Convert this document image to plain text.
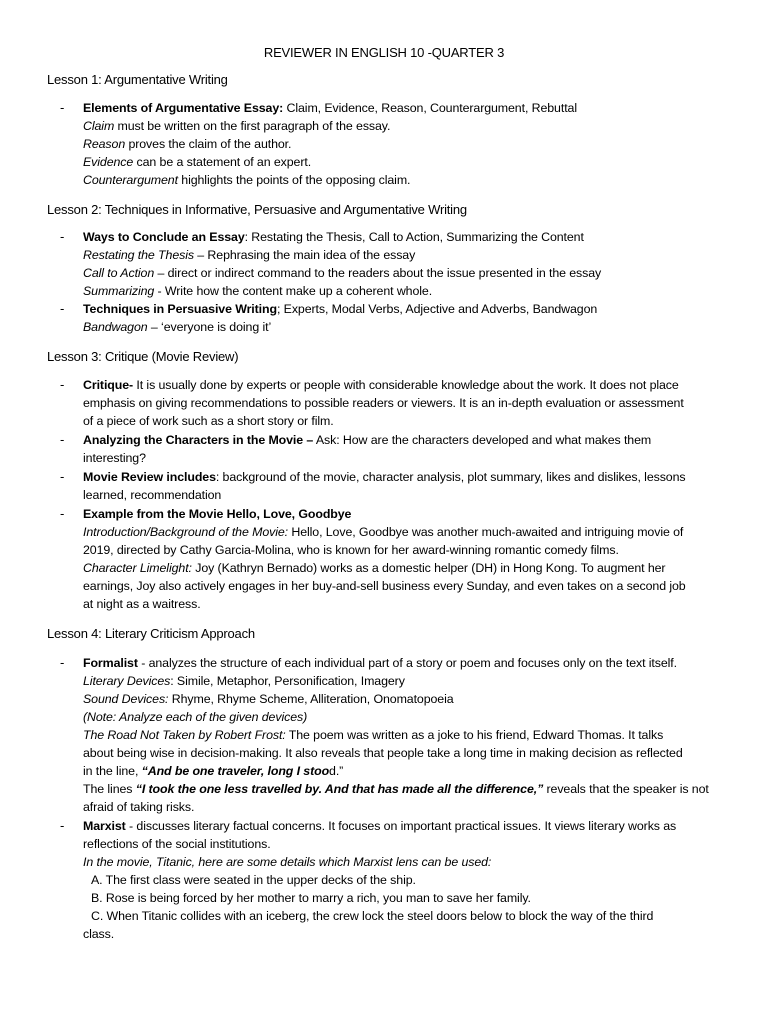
REVIEWER IN ENGLISH 10 -QUARTER 3
Lesson 1: Argumentative Writing
- Elements of Argumentative Essay: Claim, Evidence, Reason, Counterargument, Rebuttal
Claim must be written on the first paragraph of the essay.
Reason proves the claim of the author.
Evidence can be a statement of an expert.
Counterargument highlights the points of the opposing claim.
Lesson 2: Techniques in Informative, Persuasive and Argumentative Writing
- Ways to Conclude an Essay: Restating the Thesis, Call to Action, Summarizing the Content
Restating the Thesis – Rephrasing the main idea of the essay
Call to Action – direct or indirect command to the readers about the issue presented in the essay
Summarizing - Write how the content make up a coherent whole.
- Techniques in Persuasive Writing; Experts, Modal Verbs, Adjective and Adverbs, Bandwagon
Bandwagon – ‘everyone is doing it’
Lesson 3: Critique (Movie Review)
- Critique- It is usually done by experts or people with considerable knowledge about the work. It does not place
emphasis on giving recommendations to possible readers or viewers. It is an in-depth evaluation or assessment
of a piece of work such as a short story or film.
- Analyzing the Characters in the Movie – Ask: How are the characters developed and what makes them
interesting?
- Movie Review includes: background of the movie, character analysis, plot summary, likes and dislikes, lessons
learned, recommendation
- Example from the Movie Hello, Love, Goodbye
Introduction/Background of the Movie: Hello, Love, Goodbye was another much-awaited and intriguing movie of
2019, directed by Cathy Garcia-Molina, who is known for her award-winning romantic comedy films.
Character Limelight: Joy (Kathryn Bernado) works as a domestic helper (DH) in Hong Kong. To augment her
earnings, Joy also actively engages in her buy-and-sell business every Sunday, and even takes on a second job
at night as a waitress.
Lesson 4: Literary Criticism Approach
- Formalist - analyzes the structure of each individual part of a story or poem and focuses only on the text itself.
Literary Devices: Simile, Metaphor, Personification, Imagery
Sound Devices: Rhyme, Rhyme Scheme, Alliteration, Onomatopoeia
(Note: Analyze each of the given devices)
The Road Not Taken by Robert Frost: The poem was written as a joke to his friend, Edward Thomas. It talks
about being wise in decision-making. It also reveals that people take a long time in making decision as reflected
in the line, “And be one traveler, long I stood.”
The lines “I took the one less travelled by. And that has made all the difference,” reveals that the speaker is not
afraid of taking risks.
- Marxist - discusses literary factual concerns. It focuses on important practical issues. It views literary works as
reflections of the social institutions.
In the movie, Titanic, here are some details which Marxist lens can be used:
A. The first class were seated in the upper decks of the ship.
B. Rose is being forced by her mother to marry a rich, you man to save her family.
C. When Titanic collides with an iceberg, the crew lock the steel doors below to block the way of the third
class.
